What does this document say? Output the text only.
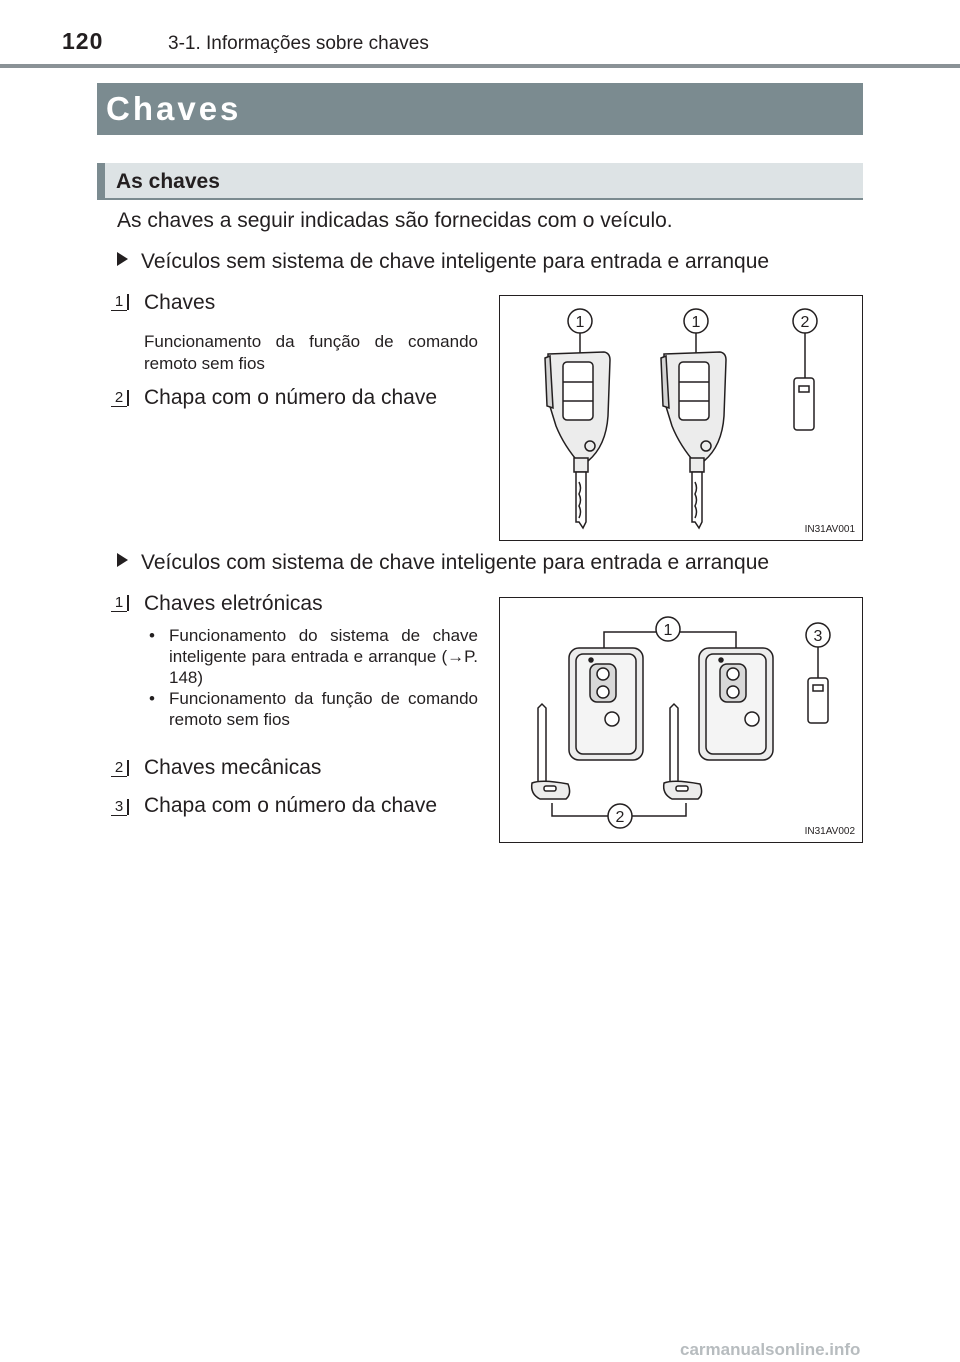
120	3-1. Informações sobre chaves
Chaves
As chaves
As chaves a seguir indicadas são fornecidas com o veículo.
Veículos sem sistema de chave inteligente para entrada e arranque
1 Chaves
Funcionamento da função de comando remoto sem fios
2 Chapa com o número da chave
1	1	2
IN31AV001
Veículos com sistema de chave inteligente para entrada e arranque
1 Chaves eletrónicas
• Funcionamento do sistema de chave inteligente para entrada e arranque (→P. 148)
• Funcionamento da função de comando remoto sem fios
2 Chaves mecânicas
3 Chapa com o número da chave
1	3
2
IN31AV002
carmanualsonline.info
